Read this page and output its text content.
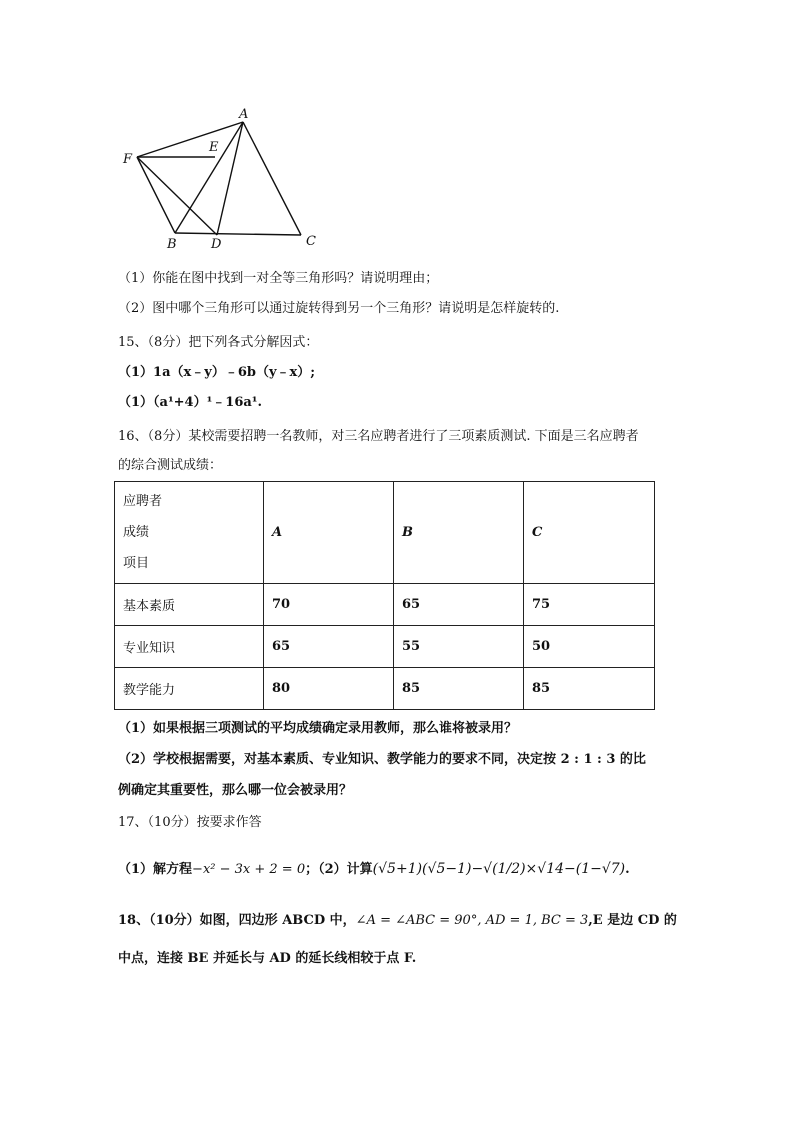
A
E
F
B	D	C
（1）你能在图中找到一对全等三角形吗？请说明理由；
（2）图中哪个三角形可以通过旋转得到另一个三角形？请说明是怎样旋转的.
15、（8分）把下列各式分解因式：
（1）1a（x﹣y）﹣6b（y﹣x）;
（1）（a¹+4）¹﹣16a¹.
16、（8分）某校需要招聘一名教师，对三名应聘者进行了三项素质测试. 下面是三名应聘者
的综合测试成绩：
应聘者
成绩
项目	A	B	C
基本素质	70	65	75
专业知识	65	55	50
教学能力	80	85	85
（1）如果根据三项测试的平均成绩确定录用教师，那么谁将被录用？
（2）学校根据需要，对基本素质、专业知识、教学能力的要求不同，决定按 2 : 1 : 3 的比
例确定其重要性，那么哪一位会被录用？
17、（10分）按要求作答
（1）解方程−x² − 3x + 2 = 0；（2）计算(√5+1)(√5−1)−√(1/2)×√14−(1−√7).
18、（10分）如图，四边形 ABCD 中，∠A = ∠ABC = 90°, AD = 1, BC = 3,E 是边 CD 的
中点，连接 BE 并延长与 AD 的延长线相较于点 F.
